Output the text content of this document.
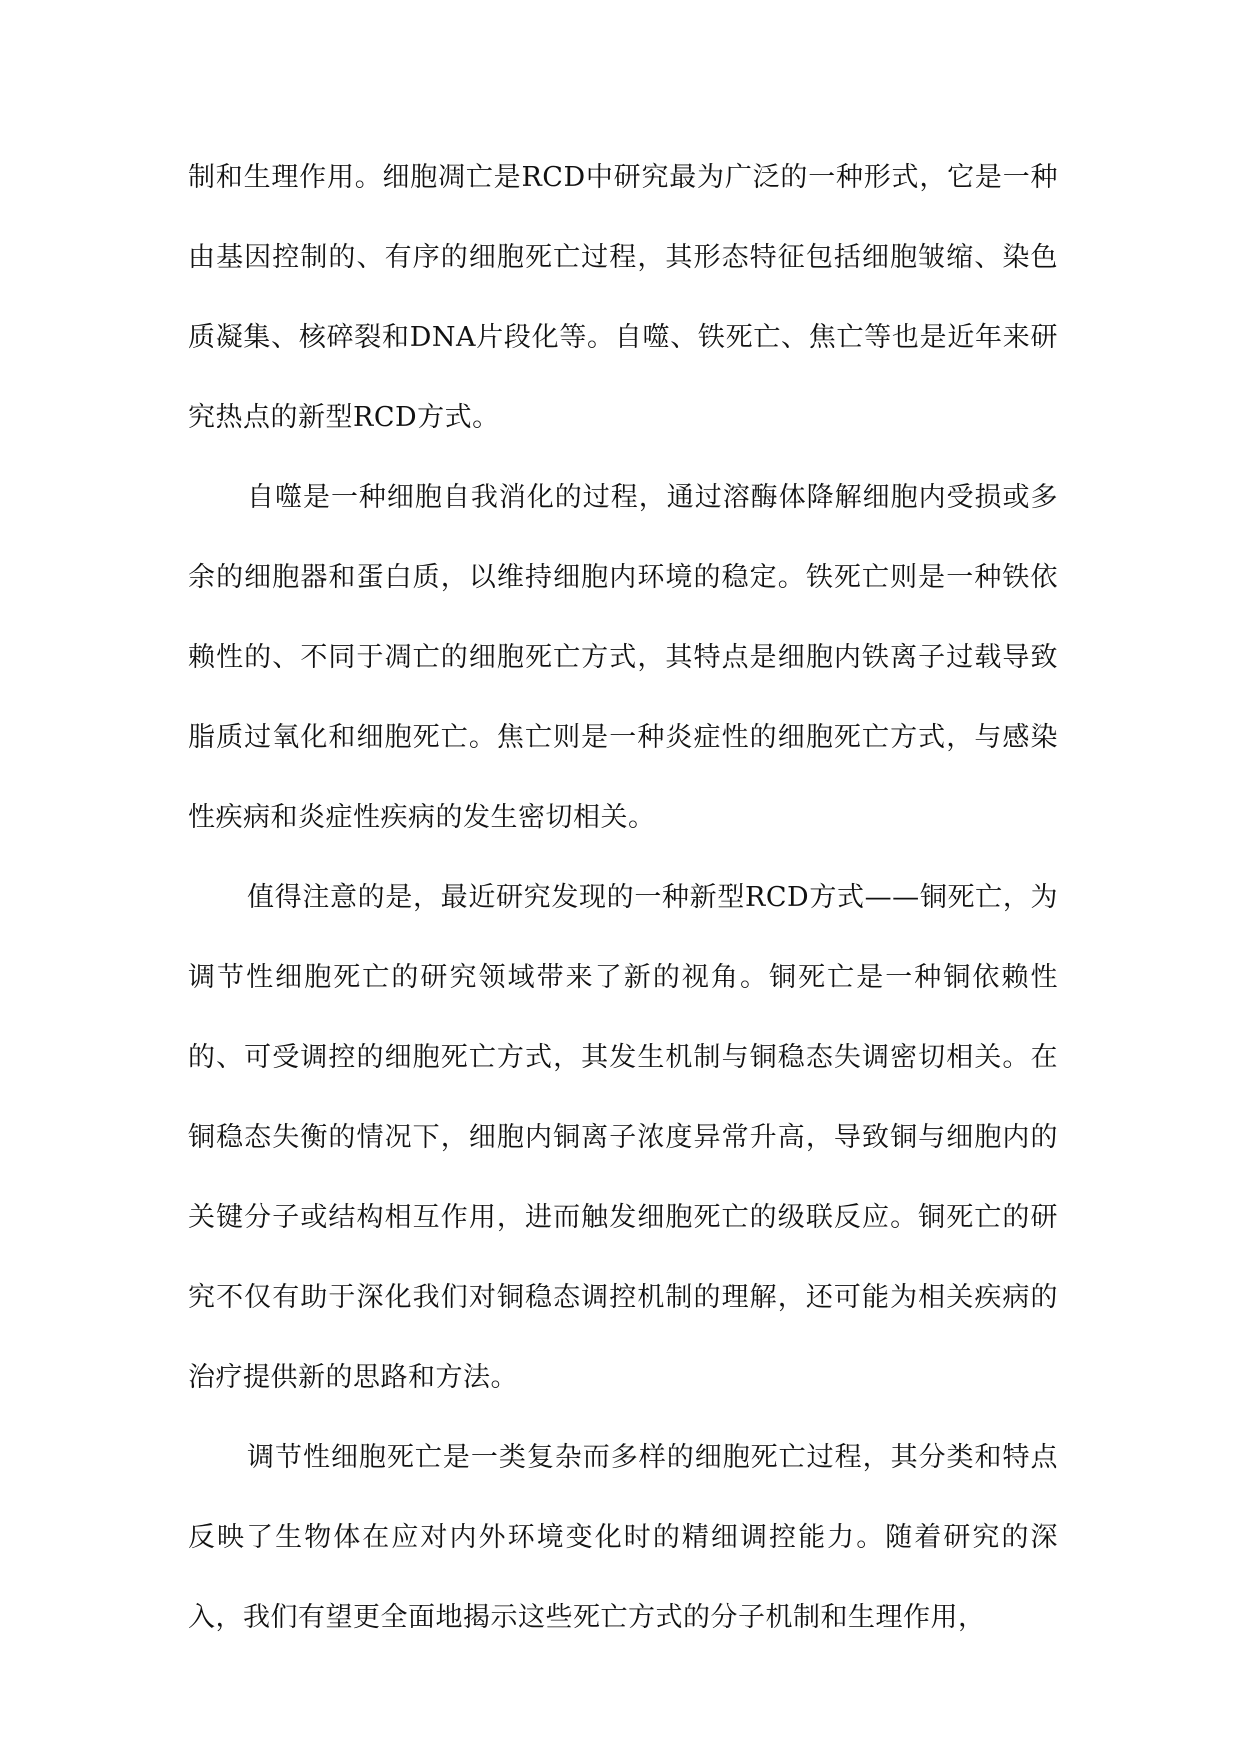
制和生理作用。细胞凋亡是RCD中研究最为广泛的一种形式，它是一种由基因控制的、有序的细胞死亡过程，其形态特征包括细胞皱缩、染色质凝集、核碎裂和DNA片段化等。自噬、铁死亡、焦亡等也是近年来研究热点的新型RCD方式。

自噬是一种细胞自我消化的过程，通过溶酶体降解细胞内受损或多余的细胞器和蛋白质，以维持细胞内环境的稳定。铁死亡则是一种铁依赖性的、不同于凋亡的细胞死亡方式，其特点是细胞内铁离子过载导致脂质过氧化和细胞死亡。焦亡则是一种炎症性的细胞死亡方式，与感染性疾病和炎症性疾病的发生密切相关。

值得注意的是，最近研究发现的一种新型RCD方式——铜死亡，为调节性细胞死亡的研究领域带来了新的视角。铜死亡是一种铜依赖性的、可受调控的细胞死亡方式，其发生机制与铜稳态失调密切相关。在铜稳态失衡的情况下，细胞内铜离子浓度异常升高，导致铜与细胞内的关键分子或结构相互作用，进而触发细胞死亡的级联反应。铜死亡的研究不仅有助于深化我们对铜稳态调控机制的理解，还可能为相关疾病的治疗提供新的思路和方法。

调节性细胞死亡是一类复杂而多样的细胞死亡过程，其分类和特点反映了生物体在应对内外环境变化时的精细调控能力。随着研究的深入，我们有望更全面地揭示这些死亡方式的分子机制和生理作用，
